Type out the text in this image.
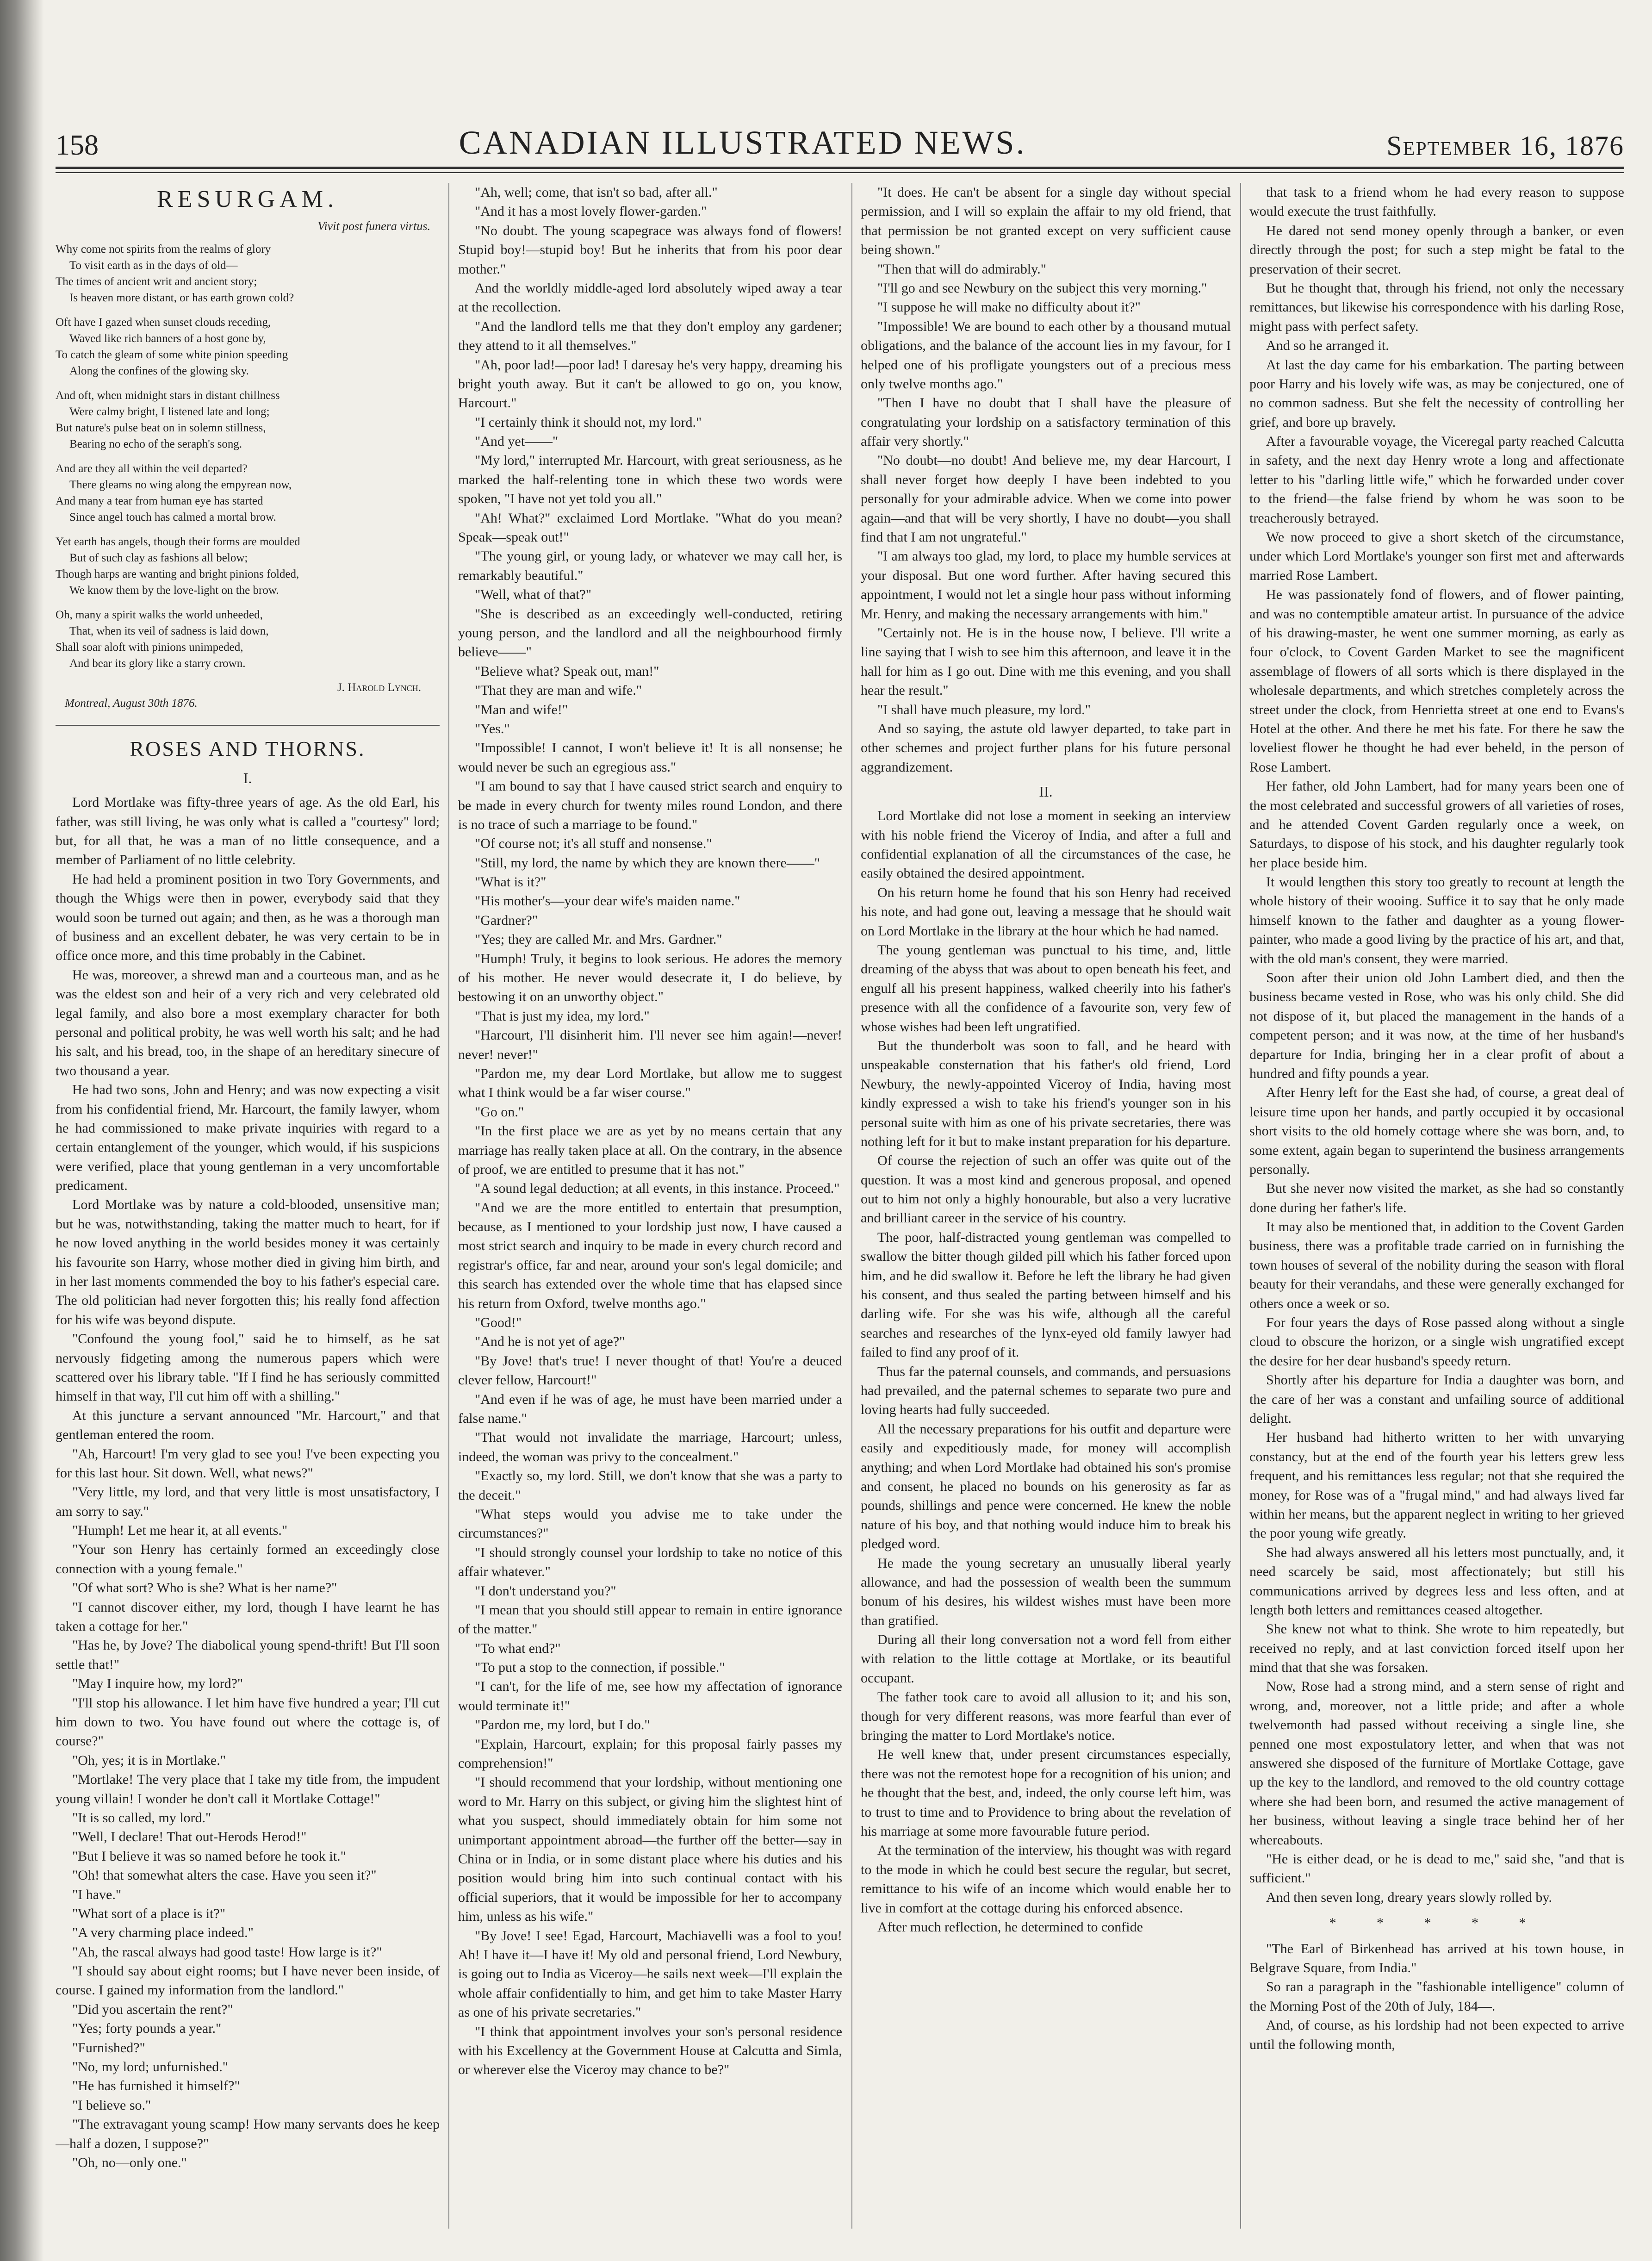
158	CANADIAN ILLUSTRATED NEWS.	September 16, 1876
RESURGAM.
Vivit post funera virtus.
Why come not spirits from the realms of glory
To visit earth as in the days of old—
The times of ancient writ and ancient story;
Is heaven more distant, or has earth grown cold?
Oft have I gazed when sunset clouds receding,
Waved like rich banners of a host gone by,
To catch the gleam of some white pinion speeding
Along the confines of the glowing sky.
And oft, when midnight stars in distant chillness
Were calmy bright, I listened late and long;
But nature's pulse beat on in solemn stillness,
Bearing no echo of the seraph's song.
And are they all within the veil departed?
There gleams no wing along the empyrean now,
And many a tear from human eye has started
Since angel touch has calmed a mortal brow.
Yet earth has angels, though their forms are moulded
But of such clay as fashions all below;
Though harps are wanting and bright pinions folded,
We know them by the love-light on the brow.
Oh, many a spirit walks the world unheeded,
That, when its veil of sadness is laid down,
Shall soar aloft with pinions unimpeded,
And bear its glory like a starry crown.

J. Harold Lynch.

Montreal, August 30th 1876.

ROSES AND THORNS.

I.

Lord Mortlake was fifty-three years of age. As the old Earl, his father, was still living, he was only what is called a "courtesy" lord; but, for all that, he was a man of no little consequence, and a member of Parliament of no little celebrity.

He had held a prominent position in two Tory Governments, and though the Whigs were then in power, everybody said that they would soon be turned out again; and then, as he was a thorough man of business and an excellent debater, he was very certain to be in office once more, and this time probably in the Cabinet.

He was, moreover, a shrewd man and a courteous man, and as he was the eldest son and heir of a very rich and very celebrated old legal family, and also bore a most exemplary character for both personal and political probity, he was well worth his salt; and he had his salt, and his bread, too, in the shape of an hereditary sinecure of two thousand a year.

He had two sons, John and Henry; and was now expecting a visit from his confidential friend, Mr. Harcourt, the family lawyer, whom he had commissioned to make private inquiries with regard to a certain entanglement of the younger, which would, if his suspicions were verified, place that young gentleman in a very uncomfortable predicament.

Lord Mortlake was by nature a cold-blooded, unsensitive man; but he was, notwithstanding, taking the matter much to heart, for if he now loved anything in the world besides money it was certainly his favourite son Harry, whose mother died in giving him birth, and in her last moments commended the boy to his father's especial care. The old politician had never forgotten this; his really fond affection for his wife was beyond dispute.

"Confound the young fool," said he to himself, as he sat nervously fidgeting among the numerous papers which were scattered over his library table. "If I find he has seriously committed himself in that way, I'll cut him off with a shilling."

At this juncture a servant announced "Mr. Harcourt," and that gentleman entered the room.

"Ah, Harcourt! I'm very glad to see you! I've been expecting you for this last hour. Sit down. Well, what news?"

"Very little, my lord, and that very little is most unsatisfactory, I am sorry to say."

"Humph! Let me hear it, at all events."

"Your son Henry has certainly formed an exceedingly close connection with a young female."

"Of what sort? Who is she? What is her name?"

"I cannot discover either, my lord, though I have learnt he has taken a cottage for her."

"Has he, by Jove? The diabolical young spend-thrift! But I'll soon settle that!"

"May I inquire how, my lord?"

"I'll stop his allowance. I let him have five hundred a year; I'll cut him down to two. You have found out where the cottage is, of course?"

"Oh, yes; it is in Mortlake."

"Mortlake! The very place that I take my title from, the impudent young villain! I wonder he don't call it Mortlake Cottage!"

"It is so called, my lord."

"Well, I declare! That out-Herods Herod!"

"But I believe it was so named before he took it."

"Oh! that somewhat alters the case. Have you seen it?"

"I have."

"What sort of a place is it?"

"A very charming place indeed."

"Ah, the rascal always had good taste! How large is it?"

"I should say about eight rooms; but I have never been inside, of course. I gained my information from the landlord."

"Did you ascertain the rent?"

"Yes; forty pounds a year."

"Furnished?"

"No, my lord; unfurnished."

"He has furnished it himself?"

"I believe so."

"The extravagant young scamp! How many servants does he keep—half a dozen, I suppose?"

"Oh, no—only one."

"Ah, well; come, that isn't so bad, after all."

"And it has a most lovely flower-garden."

"No doubt. The young scapegrace was always fond of flowers! Stupid boy!—stupid boy! But he inherits that from his poor dear mother."

And the worldly middle-aged lord absolutely wiped away a tear at the recollection.

"And the landlord tells me that they don't employ any gardener; they attend to it all themselves."

"Ah, poor lad!—poor lad! I daresay he's very happy, dreaming his bright youth away. But it can't be allowed to go on, you know, Harcourt."

"I certainly think it should not, my lord."

"And yet——"

"My lord," interrupted Mr. Harcourt, with great seriousness, as he marked the half-relenting tone in which these two words were spoken, "I have not yet told you all."

"Ah! What?" exclaimed Lord Mortlake. "What do you mean? Speak—speak out!"

"The young girl, or young lady, or whatever we may call her, is remarkably beautiful."

"Well, what of that?"

"She is described as an exceedingly well-conducted, retiring young person, and the landlord and all the neighbourhood firmly believe——"

"Believe what? Speak out, man!"

"That they are man and wife."

"Man and wife!"

"Yes."

"Impossible! I cannot, I won't believe it! It is all nonsense; he would never be such an egregious ass."

"I am bound to say that I have caused strict search and enquiry to be made in every church for twenty miles round London, and there is no trace of such a marriage to be found."

"Of course not; it's all stuff and nonsense."

"Still, my lord, the name by which they are known there——"

"What is it?"

"His mother's—your dear wife's maiden name."

"Gardner?"

"Yes; they are called Mr. and Mrs. Gardner."

"Humph! Truly, it begins to look serious. He adores the memory of his mother. He never would desecrate it, I do believe, by bestowing it on an unworthy object."

"That is just my idea, my lord."

"Harcourt, I'll disinherit him. I'll never see him again!—never! never! never!"

"Pardon me, my dear Lord Mortlake, but allow me to suggest what I think would be a far wiser course."

"Go on."

"In the first place we are as yet by no means certain that any marriage has really taken place at all. On the contrary, in the absence of proof, we are entitled to presume that it has not."

"A sound legal deduction; at all events, in this instance. Proceed."

"And we are the more entitled to entertain that presumption, because, as I mentioned to your lordship just now, I have caused a most strict search and inquiry to be made in every church record and registrar's office, far and near, around your son's legal domicile; and this search has extended over the whole time that has elapsed since his return from Oxford, twelve months ago."

"Good!"

"And he is not yet of age?"

"By Jove! that's true! I never thought of that! You're a deuced clever fellow, Harcourt!"

"And even if he was of age, he must have been married under a false name."

"That would not invalidate the marriage, Harcourt; unless, indeed, the woman was privy to the concealment."

"Exactly so, my lord. Still, we don't know that she was a party to the deceit."

"What steps would you advise me to take under the circumstances?"

"I should strongly counsel your lordship to take no notice of this affair whatever."

"I don't understand you?"

"I mean that you should still appear to remain in entire ignorance of the matter."

"To what end?"

"To put a stop to the connection, if possible."

"I can't, for the life of me, see how my affectation of ignorance would terminate it!"

"Pardon me, my lord, but I do."

"Explain, Harcourt, explain; for this proposal fairly passes my comprehension!"

"I should recommend that your lordship, without mentioning one word to Mr. Harry on this subject, or giving him the slightest hint of what you suspect, should immediately obtain for him some not unimportant appointment abroad—the further off the better—say in China or in India, or in some distant place where his duties and his position would bring him into such continual contact with his official superiors, that it would be impossible for her to accompany him, unless as his wife."

"By Jove! I see! Egad, Harcourt, Machiavelli was a fool to you! Ah! I have it—I have it! My old and personal friend, Lord Newbury, is going out to India as Viceroy—he sails next week—I'll explain the whole affair confidentially to him, and get him to take Master Harry as one of his private secretaries."

"I think that appointment involves your son's personal residence with his Excellency at the Government House at Calcutta and Simla, or wherever else the Viceroy may chance to be?"

"It does. He can't be absent for a single day without special permission, and I will so explain the affair to my old friend, that that permission be not granted except on very sufficient cause being shown."

"Then that will do admirably."

"I'll go and see Newbury on the subject this very morning."

"I suppose he will make no difficulty about it?"

"Impossible! We are bound to each other by a thousand mutual obligations, and the balance of the account lies in my favour, for I helped one of his profligate youngsters out of a precious mess only twelve months ago."

"Then I have no doubt that I shall have the pleasure of congratulating your lordship on a satisfactory termination of this affair very shortly."

"No doubt—no doubt! And believe me, my dear Harcourt, I shall never forget how deeply I have been indebted to you personally for your admirable advice. When we come into power again—and that will be very shortly, I have no doubt—you shall find that I am not ungrateful."

"I am always too glad, my lord, to place my humble services at your disposal. But one word further. After having secured this appointment, I would not let a single hour pass without informing Mr. Henry, and making the necessary arrangements with him."

"Certainly not. He is in the house now, I believe. I'll write a line saying that I wish to see him this afternoon, and leave it in the hall for him as I go out. Dine with me this evening, and you shall hear the result."

"I shall have much pleasure, my lord."

And so saying, the astute old lawyer departed, to take part in other schemes and project further plans for his future personal aggrandizement.

II.

Lord Mortlake did not lose a moment in seeking an interview with his noble friend the Viceroy of India, and after a full and confidential explanation of all the circumstances of the case, he easily obtained the desired appointment.

On his return home he found that his son Henry had received his note, and had gone out, leaving a message that he should wait on Lord Mortlake in the library at the hour which he had named.

The young gentleman was punctual to his time, and, little dreaming of the abyss that was about to open beneath his feet, and engulf all his present happiness, walked cheerily into his father's presence with all the confidence of a favourite son, very few of whose wishes had been left ungratified.

But the thunderbolt was soon to fall, and he heard with unspeakable consternation that his father's old friend, Lord Newbury, the newly-appointed Viceroy of India, having most kindly expressed a wish to take his friend's younger son in his personal suite with him as one of his private secretaries, there was nothing left for it but to make instant preparation for his departure.

Of course the rejection of such an offer was quite out of the question. It was a most kind and generous proposal, and opened out to him not only a highly honourable, but also a very lucrative and brilliant career in the service of his country.

The poor, half-distracted young gentleman was compelled to swallow the bitter though gilded pill which his father forced upon him, and he did swallow it. Before he left the library he had given his consent, and thus sealed the parting between himself and his darling wife. For she was his wife, although all the careful searches and researches of the lynx-eyed old family lawyer had failed to find any proof of it.

Thus far the paternal counsels, and commands, and persuasions had prevailed, and the paternal schemes to separate two pure and loving hearts had fully succeeded.

All the necessary preparations for his outfit and departure were easily and expeditiously made, for money will accomplish anything; and when Lord Mortlake had obtained his son's promise and consent, he placed no bounds on his generosity as far as pounds, shillings and pence were concerned. He knew the noble nature of his boy, and that nothing would induce him to break his pledged word.

He made the young secretary an unusually liberal yearly allowance, and had the possession of wealth been the summum bonum of his desires, his wildest wishes must have been more than gratified.

During all their long conversation not a word fell from either with relation to the little cottage at Mortlake, or its beautiful occupant.

The father took care to avoid all allusion to it; and his son, though for very different reasons, was more fearful than ever of bringing the matter to Lord Mortlake's notice.

He well knew that, under present circumstances especially, there was not the remotest hope for a recognition of his union; and he thought that the best, and, indeed, the only course left him, was to trust to time and to Providence to bring about the revelation of his marriage at some more favourable future period.

At the termination of the interview, his thought was with regard to the mode in which he could best secure the regular, but secret, remittance to his wife of an income which would enable her to live in comfort at the cottage during his enforced absence.

After much reflection, he determined to confide

that task to a friend whom he had every reason to suppose would execute the trust faithfully.

He dared not send money openly through a banker, or even directly through the post; for such a step might be fatal to the preservation of their secret.

But he thought that, through his friend, not only the necessary remittances, but likewise his correspondence with his darling Rose, might pass with perfect safety.

And so he arranged it.

At last the day came for his embarkation. The parting between poor Harry and his lovely wife was, as may be conjectured, one of no common sadness. But she felt the necessity of controlling her grief, and bore up bravely.

After a favourable voyage, the Viceregal party reached Calcutta in safety, and the next day Henry wrote a long and affectionate letter to his "darling little wife," which he forwarded under cover to the friend—the false friend by whom he was soon to be treacherously betrayed.

We now proceed to give a short sketch of the circumstance, under which Lord Mortlake's younger son first met and afterwards married Rose Lambert.

He was passionately fond of flowers, and of flower painting, and was no contemptible amateur artist. In pursuance of the advice of his drawing-master, he went one summer morning, as early as four o'clock, to Covent Garden Market to see the magnificent assemblage of flowers of all sorts which is there displayed in the wholesale departments, and which stretches completely across the street under the clock, from Henrietta street at one end to Evans's Hotel at the other. And there he met his fate. For there he saw the loveliest flower he thought he had ever beheld, in the person of Rose Lambert.

Her father, old John Lambert, had for many years been one of the most celebrated and successful growers of all varieties of roses, and he attended Covent Garden regularly once a week, on Saturdays, to dispose of his stock, and his daughter regularly took her place beside him.

It would lengthen this story too greatly to recount at length the whole history of their wooing. Suffice it to say that he only made himself known to the father and daughter as a young flower-painter, who made a good living by the practice of his art, and that, with the old man's consent, they were married.

Soon after their union old John Lambert died, and then the business became vested in Rose, who was his only child. She did not dispose of it, but placed the management in the hands of a competent person; and it was now, at the time of her husband's departure for India, bringing her in a clear profit of about a hundred and fifty pounds a year.

After Henry left for the East she had, of course, a great deal of leisure time upon her hands, and partly occupied it by occasional short visits to the old homely cottage where she was born, and, to some extent, again began to superintend the business arrangements personally.

But she never now visited the market, as she had so constantly done during her father's life.

It may also be mentioned that, in addition to the Covent Garden business, there was a profitable trade carried on in furnishing the town houses of several of the nobility during the season with floral beauty for their verandahs, and these were generally exchanged for others once a week or so.

For four years the days of Rose passed along without a single cloud to obscure the horizon, or a single wish ungratified except the desire for her dear husband's speedy return.

Shortly after his departure for India a daughter was born, and the care of her was a constant and unfailing source of additional delight.

Her husband had hitherto written to her with unvarying constancy, but at the end of the fourth year his letters grew less frequent, and his remittances less regular; not that she required the money, for Rose was of a "frugal mind," and had always lived far within her means, but the apparent neglect in writing to her grieved the poor young wife greatly.

She had always answered all his letters most punctually, and, it need scarcely be said, most affectionately; but still his communications arrived by degrees less and less often, and at length both letters and remittances ceased altogether.

She knew not what to think. She wrote to him repeatedly, but received no reply, and at last conviction forced itself upon her mind that that she was forsaken.

Now, Rose had a strong mind, and a stern sense of right and wrong, and, moreover, not a little pride; and after a whole twelvemonth had passed without receiving a single line, she penned one most expostulatory letter, and when that was not answered she disposed of the furniture of Mortlake Cottage, gave up the key to the landlord, and removed to the old country cottage where she had been born, and resumed the active management of her business, without leaving a single trace behind her of her whereabouts.

"He is either dead, or he is dead to me," said she, "and that is sufficient."

And then seven long, dreary years slowly rolled by.

* * * * *

"The Earl of Birkenhead has arrived at his town house, in Belgrave Square, from India."

So ran a paragraph in the "fashionable intelligence" column of the Morning Post of the 20th of July, 184—.

And, of course, as his lordship had not been expected to arrive until the following month,
